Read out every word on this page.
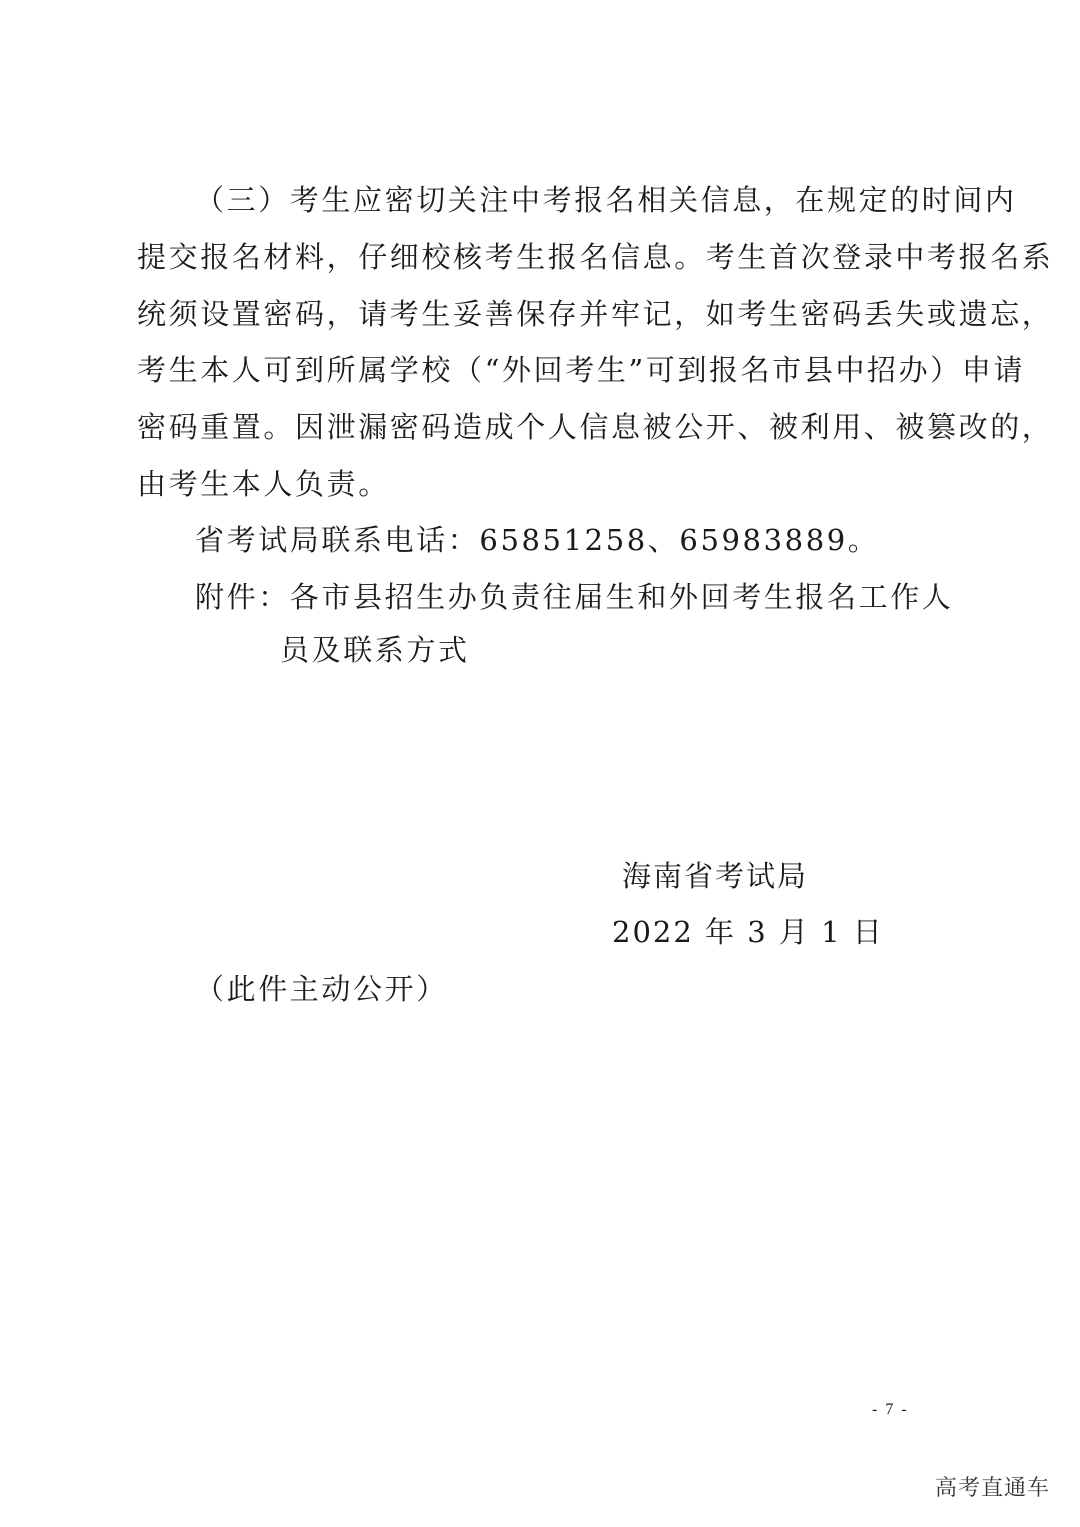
（三）考生应密切关注中考报名相关信息，在规定的时间内
提交报名材料，仔细校核考生报名信息。考生首次登录中考报名系
统须设置密码，请考生妥善保存并牢记，如考生密码丢失或遗忘，
考生本人可到所属学校（“外回考生”可到报名市县中招办）申请
密码重置。因泄漏密码造成个人信息被公开、被利用、被篡改的，
由考生本人负责。
省考试局联系电话：65851258、65983889。
附件：各市县招生办负责往届生和外回考生报名工作人
员及联系方式
海南省考试局
2022 年 3 月 1 日
（此件主动公开）
- 7 -
高考直通车
